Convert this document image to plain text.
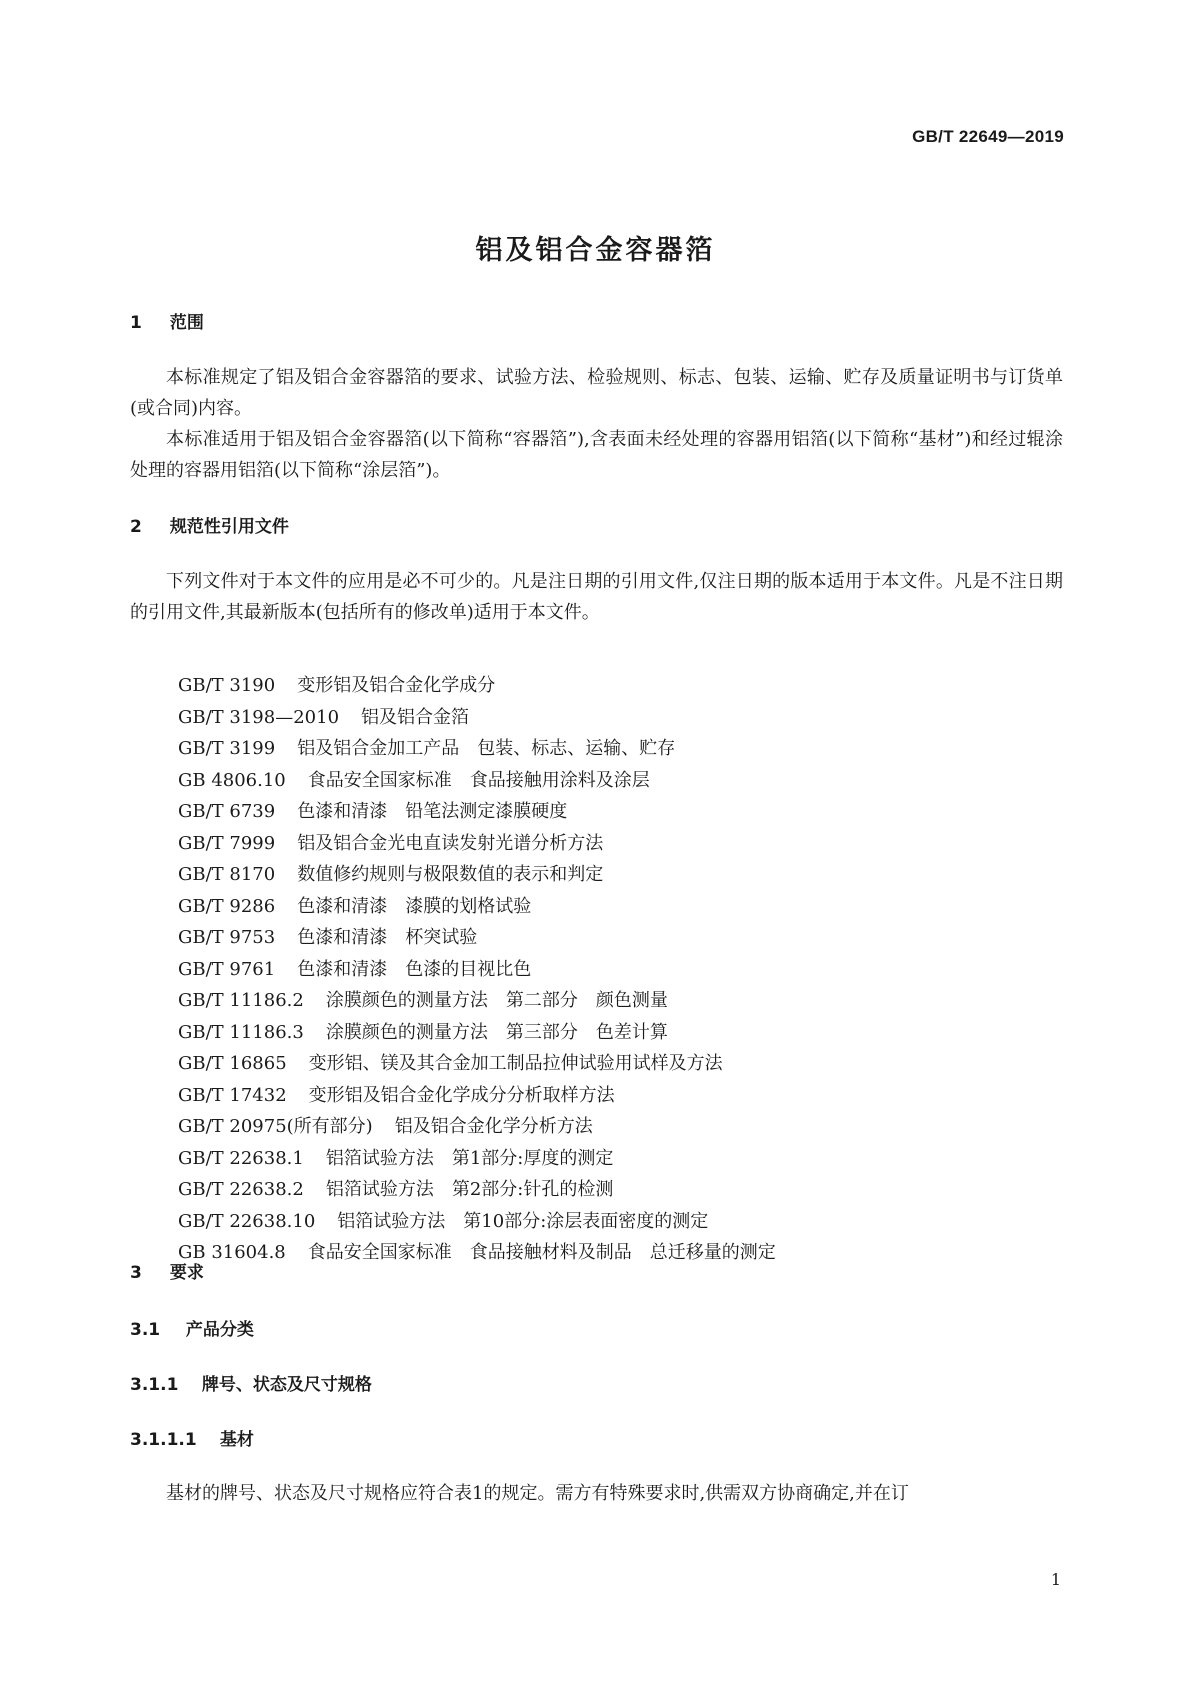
GB/T 22649—2019
铝及铝合金容器箔
1 范围
本标准规定了铝及铝合金容器箔的要求、试验方法、检验规则、标志、包装、运输、贮存及质量证明书与订货单(或合同)内容。
本标准适用于铝及铝合金容器箔(以下简称“容器箔”),含表面未经处理的容器用铝箔(以下简称“基材”)和经过辊涂处理的容器用铝箔(以下简称“涂层箔”)。
2 规范性引用文件
下列文件对于本文件的应用是必不可少的。凡是注日期的引用文件,仅注日期的版本适用于本文件。凡是不注日期的引用文件,其最新版本(包括所有的修改单)适用于本文件。
GB/T 3190 变形铝及铝合金化学成分
GB/T 3198—2010 铝及铝合金箔
GB/T 3199 铝及铝合金加工产品　包装、标志、运输、贮存
GB 4806.10 食品安全国家标准　食品接触用涂料及涂层
GB/T 6739 色漆和清漆　铅笔法测定漆膜硬度
GB/T 7999 铝及铝合金光电直读发射光谱分析方法
GB/T 8170 数值修约规则与极限数值的表示和判定
GB/T 9286 色漆和清漆　漆膜的划格试验
GB/T 9753 色漆和清漆　杯突试验
GB/T 9761 色漆和清漆　色漆的目视比色
GB/T 11186.2 涂膜颜色的测量方法　第二部分　颜色测量
GB/T 11186.3 涂膜颜色的测量方法　第三部分　色差计算
GB/T 16865 变形铝、镁及其合金加工制品拉伸试验用试样及方法
GB/T 17432 变形铝及铝合金化学成分分析取样方法
GB/T 20975(所有部分) 铝及铝合金化学分析方法
GB/T 22638.1 铝箔试验方法　第1部分:厚度的测定
GB/T 22638.2 铝箔试验方法　第2部分:针孔的检测
GB/T 22638.10 铝箔试验方法　第10部分:涂层表面密度的测定
GB 31604.8 食品安全国家标准　食品接触材料及制品　总迁移量的测定
3 要求
3.1 产品分类
3.1.1 牌号、状态及尺寸规格
3.1.1.1 基材
基材的牌号、状态及尺寸规格应符合表1的规定。需方有特殊要求时,供需双方协商确定,并在订
1
